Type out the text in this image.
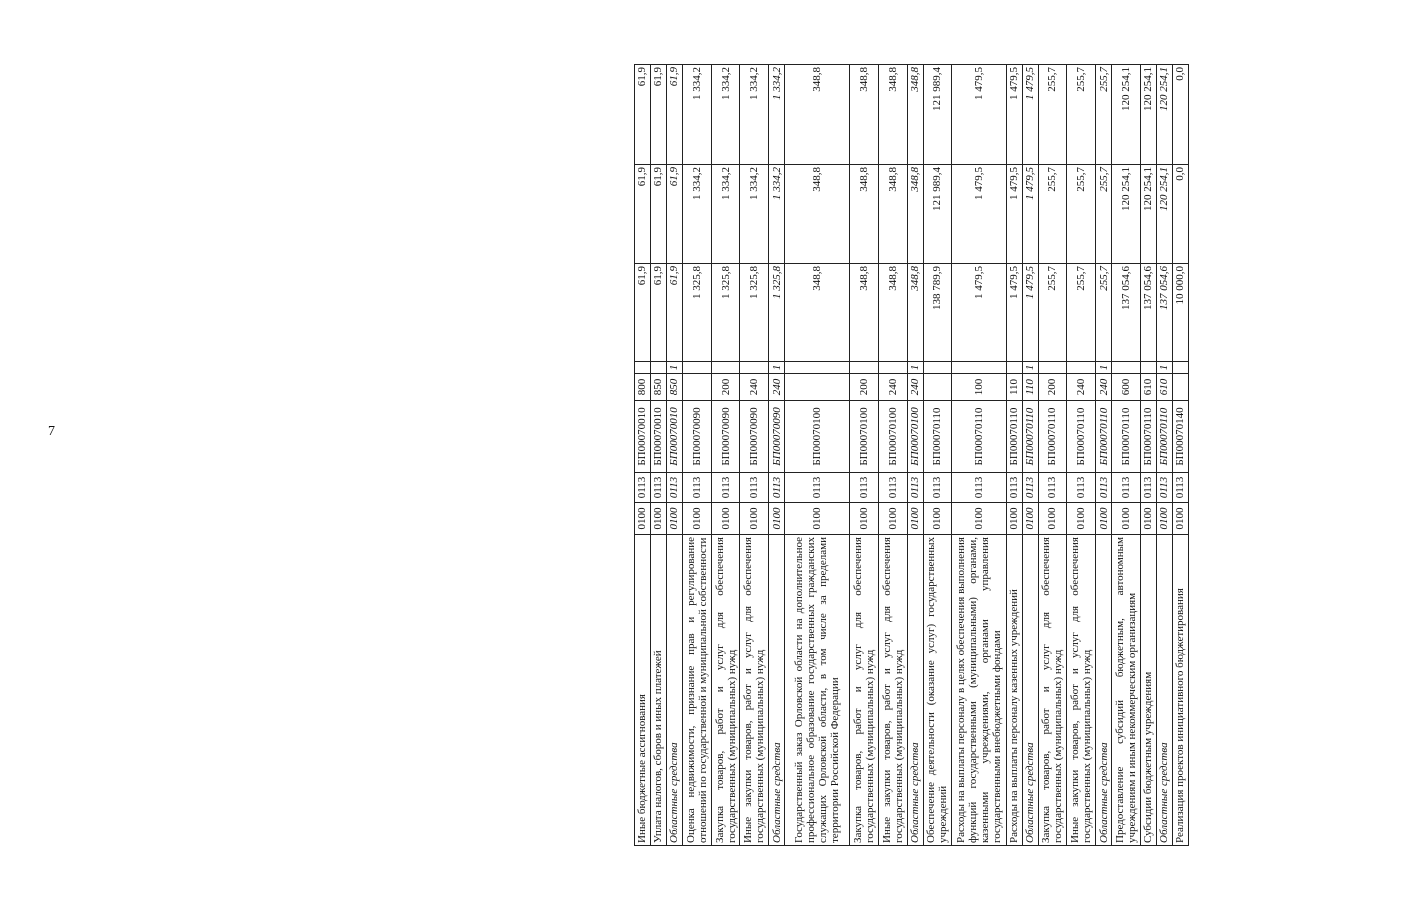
7
Иные бюджетные ассигнования	0100	0113	БП00070010	800		61,9	61,9	61,9
Уплата налогов, сборов и иных платежей	0100	0113	БП00070010	850		61,9	61,9	61,9
Областные средства	0100	0113	БП00070010	850	1	61,9	61,9	61,9
Оценка недвижимости, признание прав и регулирование отношений по государственной и муниципальной собственности	0100	0113	БП00070090			1 325,8	1 334,2	1 334,2
Закупка товаров, работ и услуг для обеспечения государственных (муниципальных) нужд	0100	0113	БП00070090	200		1 325,8	1 334,2	1 334,2
Иные закупки товаров, работ и услуг для обеспечения государственных (муниципальных) нужд	0100	0113	БП00070090	240		1 325,8	1 334,2	1 334,2
Областные средства	0100	0113	БП00070090	240	1	1 325,8	1 334,2	1 334,2
Государственный заказ Орловской области на дополнительное профессиональное образование государственных гражданских служащих Орловской области, в том числе за пределами территории Российской Федерации	0100	0113	БП00070100			348,8	348,8	348,8
Закупка товаров, работ и услуг для обеспечения государственных (муниципальных) нужд	0100	0113	БП00070100	200		348,8	348,8	348,8
Иные закупки товаров, работ и услуг для обеспечения государственных (муниципальных) нужд	0100	0113	БП00070100	240		348,8	348,8	348,8
Областные средства	0100	0113	БП00070100	240	1	348,8	348,8	348,8
Обеспечение деятельности (оказание услуг) государственных учреждений	0100	0113	БП00070110			138 789,9	121 989,4	121 989,4
Расходы на выплаты персоналу в целях обеспечения выполнения функций государственными (муниципальными) органами, казенными учреждениями, органами управления государственными внебюджетными фондами	0100	0113	БП00070110	100		1 479,5	1 479,5	1 479,5
Расходы на выплаты персоналу казенных учреждений	0100	0113	БП00070110	110		1 479,5	1 479,5	1 479,5
Областные средства	0100	0113	БП00070110	110	1	1 479,5	1 479,5	1 479,5
Закупка товаров, работ и услуг для обеспечения государственных (муниципальных) нужд	0100	0113	БП00070110	200		255,7	255,7	255,7
Иные закупки товаров, работ и услуг для обеспечения государственных (муниципальных) нужд	0100	0113	БП00070110	240		255,7	255,7	255,7
Областные средства	0100	0113	БП00070110	240	1	255,7	255,7	255,7
Предоставление субсидий бюджетным, автономным учреждениям и иным некоммерческим организациям	0100	0113	БП00070110	600		137 054,6	120 254,1	120 254,1
Субсидии бюджетным учреждениям	0100	0113	БП00070110	610		137 054,6	120 254,1	120 254,1
Областные средства	0100	0113	БП00070110	610	1	137 054,6	120 254,1	120 254,1
Реализация проектов инициативного бюджетирования	0100	0113	БП00070140			10 000,0	0,0	0,0
